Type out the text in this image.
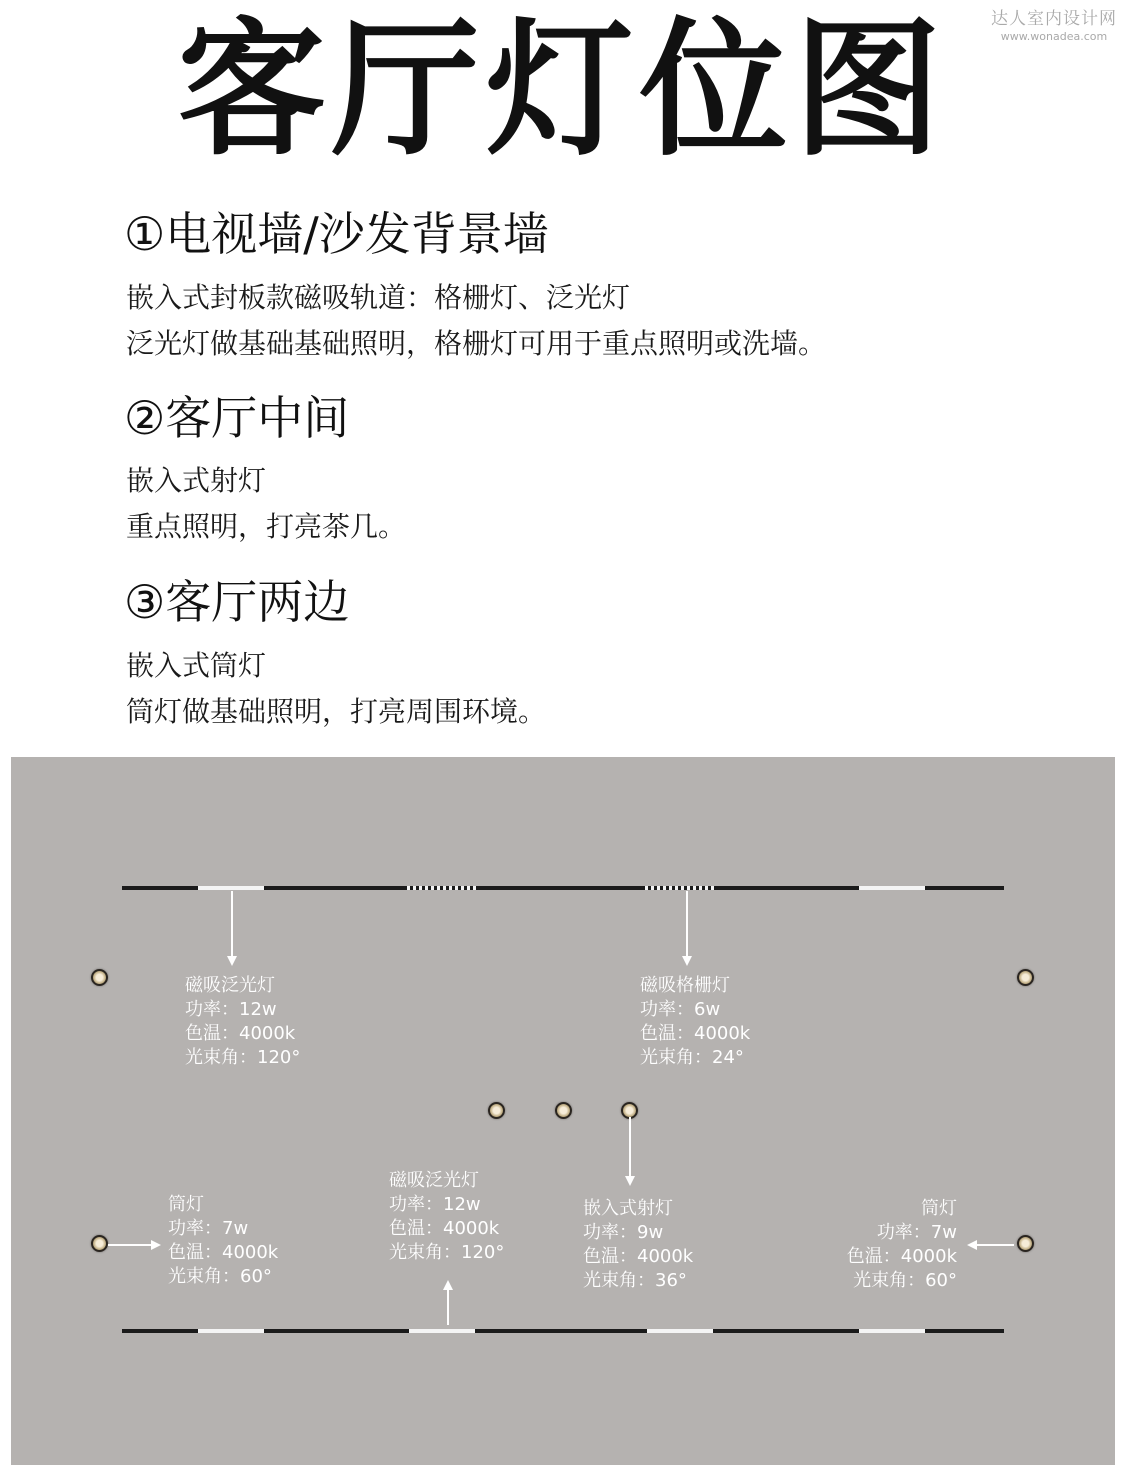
达人室内设计网
www.wonadea.com
客厅灯位图
①电视墙/沙发背景墙
嵌入式封板款磁吸轨道：格栅灯、泛光灯
泛光灯做基础基础照明，格栅灯可用于重点照明或洗墙。
②客厅中间
嵌入式射灯
重点照明，打亮茶几。
③客厅两边
嵌入式筒灯
筒灯做基础照明，打亮周围环境。
磁吸泛光灯
功率：12w
色温：4000k
光束角：120°
磁吸格栅灯
功率：6w
色温：4000k
光束角：24°
筒灯
功率：7w
色温：4000k
光束角：60°
磁吸泛光灯
功率：12w
色温：4000k
光束角：120°
嵌入式射灯
功率：9w
色温：4000k
光束角：36°
筒灯
功率：7w
色温：4000k
光束角：60°
